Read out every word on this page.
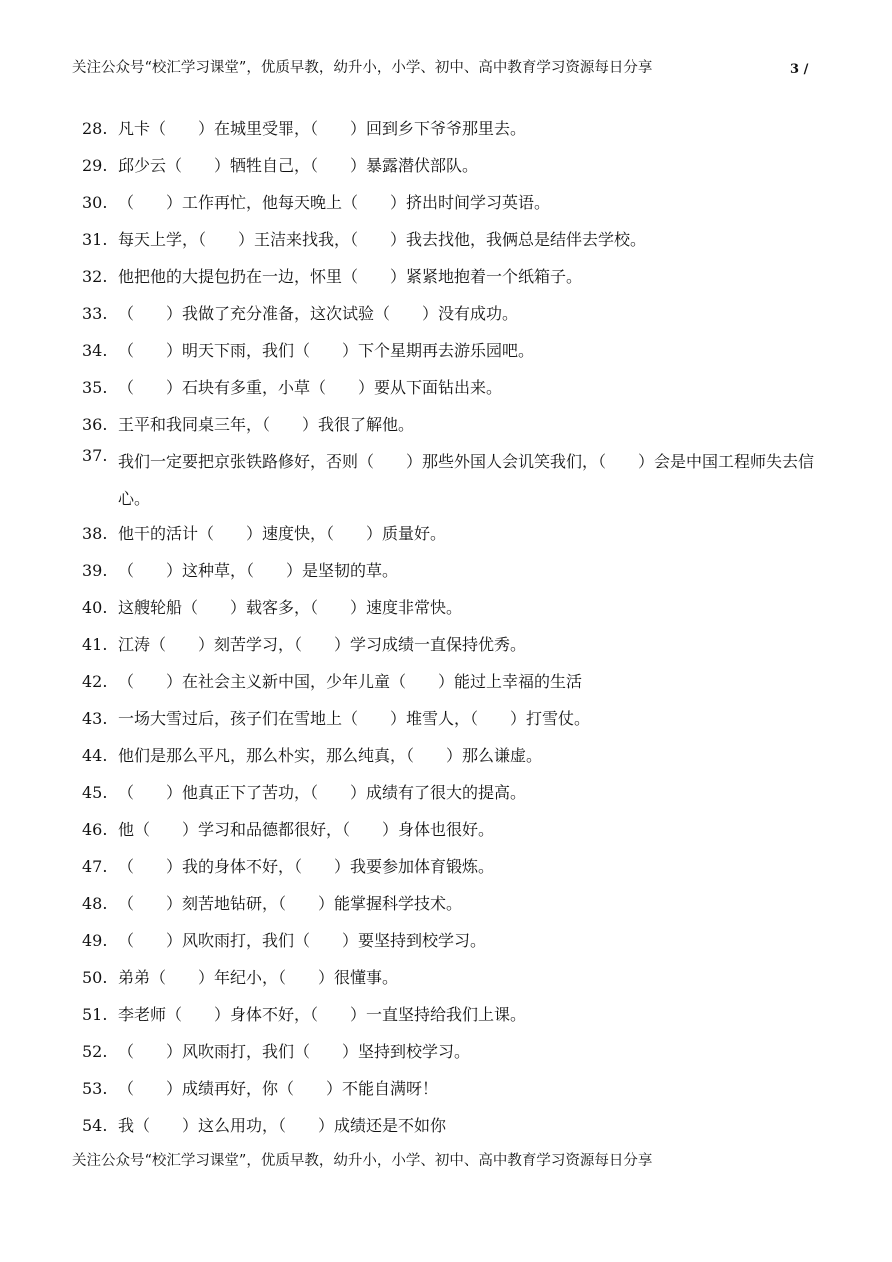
关注公众号“校汇学习课堂”，优质早教，幼升小，小学、初中、高中教育学习资源每日分享	3 /
28. 凡卡（　　）在城里受罪，（　　）回到乡下爷爷那里去。
29. 邱少云（　　）牺牲自己，（　　）暴露潜伏部队。
30. （　　）工作再忙，他每天晚上（　　）挤出时间学习英语。
31. 每天上学，（　　）王洁来找我，（　　）我去找他，我俩总是结伴去学校。
32. 他把他的大提包扔在一边，怀里（　　）紧紧地抱着一个纸箱子。
33. （　　）我做了充分准备，这次试验（　　）没有成功。
34. （　　）明天下雨，我们（　　）下个星期再去游乐园吧。
35. （　　）石块有多重，小草（　　）要从下面钻出来。
36. 王平和我同桌三年，（　　）我很了解他。
37. 我们一定要把京张铁路修好，否则（　　）那些外国人会讥笑我们，（　　）会是中国工程师失去信心。
38. 他干的活计（　　）速度快，（　　）质量好。
39. （　　）这种草，（　　）是坚韧的草。
40. 这艘轮船（　　）载客多，（　　）速度非常快。
41. 江涛（　　）刻苦学习，（　　）学习成绩一直保持优秀。
42. （　　）在社会主义新中国，少年儿童（　　）能过上幸福的生活
43. 一场大雪过后，孩子们在雪地上（　　）堆雪人，（　　）打雪仗。
44. 他们是那么平凡，那么朴实，那么纯真，（　　）那么谦虚。
45. （　　）他真正下了苦功，（　　）成绩有了很大的提高。
46. 他（　　）学习和品德都很好，（　　）身体也很好。
47. （　　）我的身体不好，（　　）我要参加体育锻炼。
48. （　　）刻苦地钻研，（　　）能掌握科学技术。
49. （　　）风吹雨打，我们（　　）要坚持到校学习。
50. 弟弟（　　）年纪小，（　　）很懂事。
51. 李老师（　　）身体不好，（　　）一直坚持给我们上课。
52. （　　）风吹雨打，我们（　　）坚持到校学习。
53. （　　）成绩再好，你（　　）不能自满呀！
54. 我（　　）这么用功，（　　）成绩还是不如你
关注公众号“校汇学习课堂”，优质早教，幼升小，小学、初中、高中教育学习资源每日分享
